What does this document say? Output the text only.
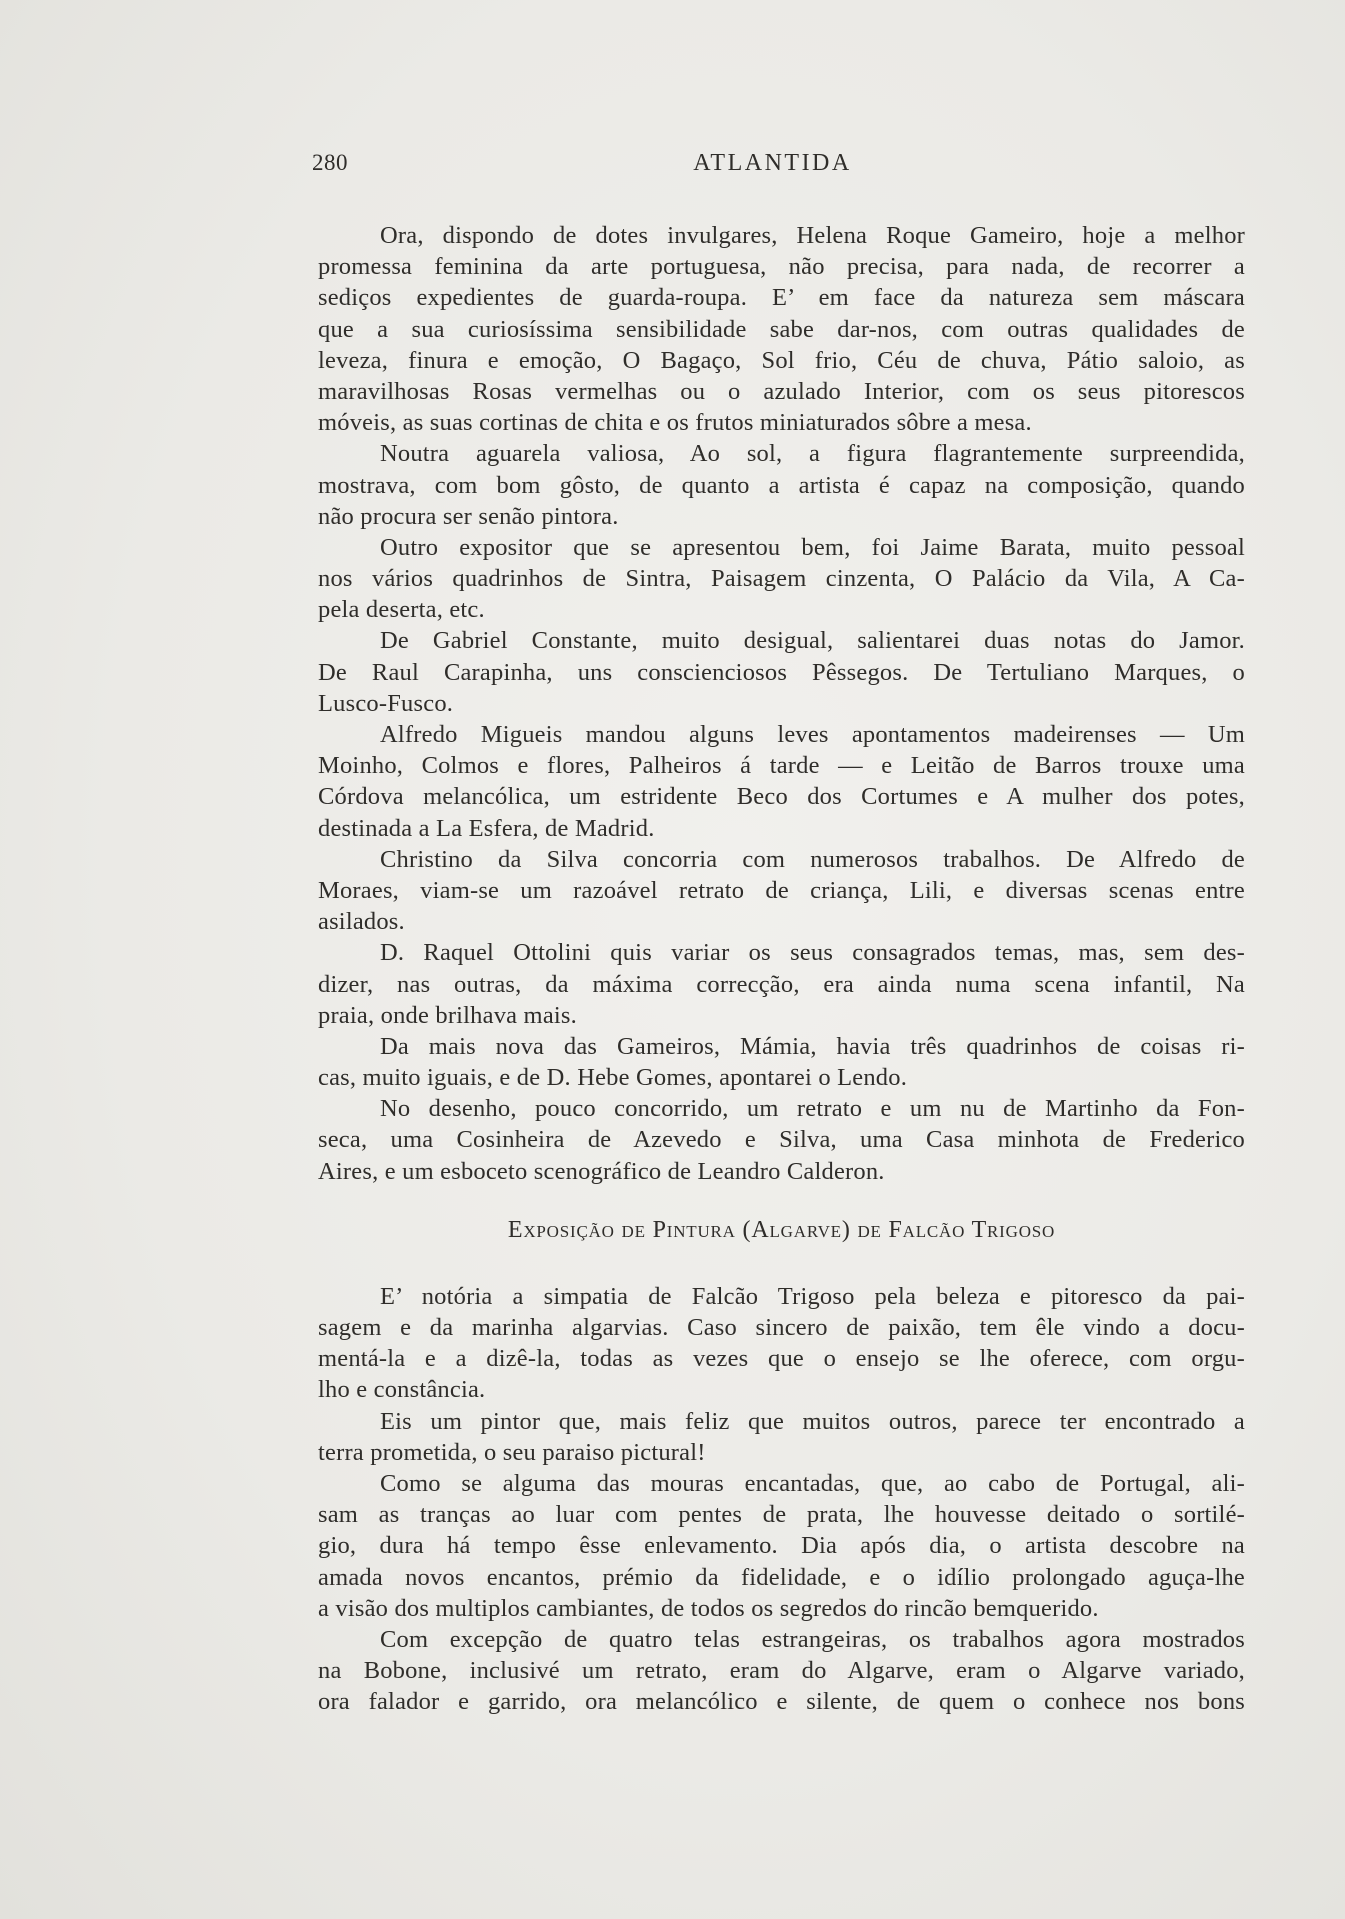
280	ATLANTIDA
Ora, dispondo de dotes invulgares, Helena Roque Gameiro, hoje a melhor
promessa feminina da arte portuguesa, não precisa, para nada, de recorrer a
sediços expedientes de guarda-roupa. E’ em face da natureza sem máscara
que a sua curiosíssima sensibilidade sabe dar-nos, com outras qualidades de
leveza, finura e emoção, O Bagaço, Sol frio, Céu de chuva, Pátio saloio, as
maravilhosas Rosas vermelhas ou o azulado Interior, com os seus pitorescos
móveis, as suas cortinas de chita e os frutos miniaturados sôbre a mesa.
Noutra aguarela valiosa, Ao sol, a figura flagrantemente surpreendida,
mostrava, com bom gôsto, de quanto a artista é capaz na composição, quando
não procura ser senão pintora.
Outro expositor que se apresentou bem, foi Jaime Barata, muito pessoal
nos vários quadrinhos de Sintra, Paisagem cinzenta, O Palácio da Vila, A Ca-
pela deserta, etc.
De Gabriel Constante, muito desigual, salientarei duas notas do Jamor.
De Raul Carapinha, uns conscienciosos Pêssegos. De Tertuliano Marques, o
Lusco-Fusco.
Alfredo Migueis mandou alguns leves apontamentos madeirenses — Um
Moinho, Colmos e flores, Palheiros á tarde — e Leitão de Barros trouxe uma
Córdova melancólica, um estridente Beco dos Cortumes e A mulher dos potes,
destinada a La Esfera, de Madrid.
Christino da Silva concorria com numerosos trabalhos. De Alfredo de
Moraes, viam-se um razoável retrato de criança, Lili, e diversas scenas entre
asilados.
D. Raquel Ottolini quis variar os seus consagrados temas, mas, sem des-
dizer, nas outras, da máxima correcção, era ainda numa scena infantil, Na
praia, onde brilhava mais.
Da mais nova das Gameiros, Mámia, havia três quadrinhos de coisas ri-
cas, muito iguais, e de D. Hebe Gomes, apontarei o Lendo.
No desenho, pouco concorrido, um retrato e um nu de Martinho da Fon-
seca, uma Cosinheira de Azevedo e Silva, uma Casa minhota de Frederico
Aires, e um esboceto scenográfico de Leandro Calderon.
Exposição de Pintura (Algarve) de Falcão Trigoso
E’ notória a simpatia de Falcão Trigoso pela beleza e pitoresco da pai-
sagem e da marinha algarvias. Caso sincero de paixão, tem êle vindo a docu-
mentá-la e a dizê-la, todas as vezes que o ensejo se lhe oferece, com orgu-
lho e constância.
Eis um pintor que, mais feliz que muitos outros, parece ter encontrado a
terra prometida, o seu paraiso pictural!
Como se alguma das mouras encantadas, que, ao cabo de Portugal, ali-
sam as tranças ao luar com pentes de prata, lhe houvesse deitado o sortilé-
gio, dura há tempo êsse enlevamento. Dia após dia, o artista descobre na
amada novos encantos, prémio da fidelidade, e o idílio prolongado aguça-lhe
a visão dos multiplos cambiantes, de todos os segredos do rincão bemquerido.
Com excepção de quatro telas estrangeiras, os trabalhos agora mostrados
na Bobone, inclusivé um retrato, eram do Algarve, eram o Algarve variado,
ora falador e garrido, ora melancólico e silente, de quem o conhece nos bons
